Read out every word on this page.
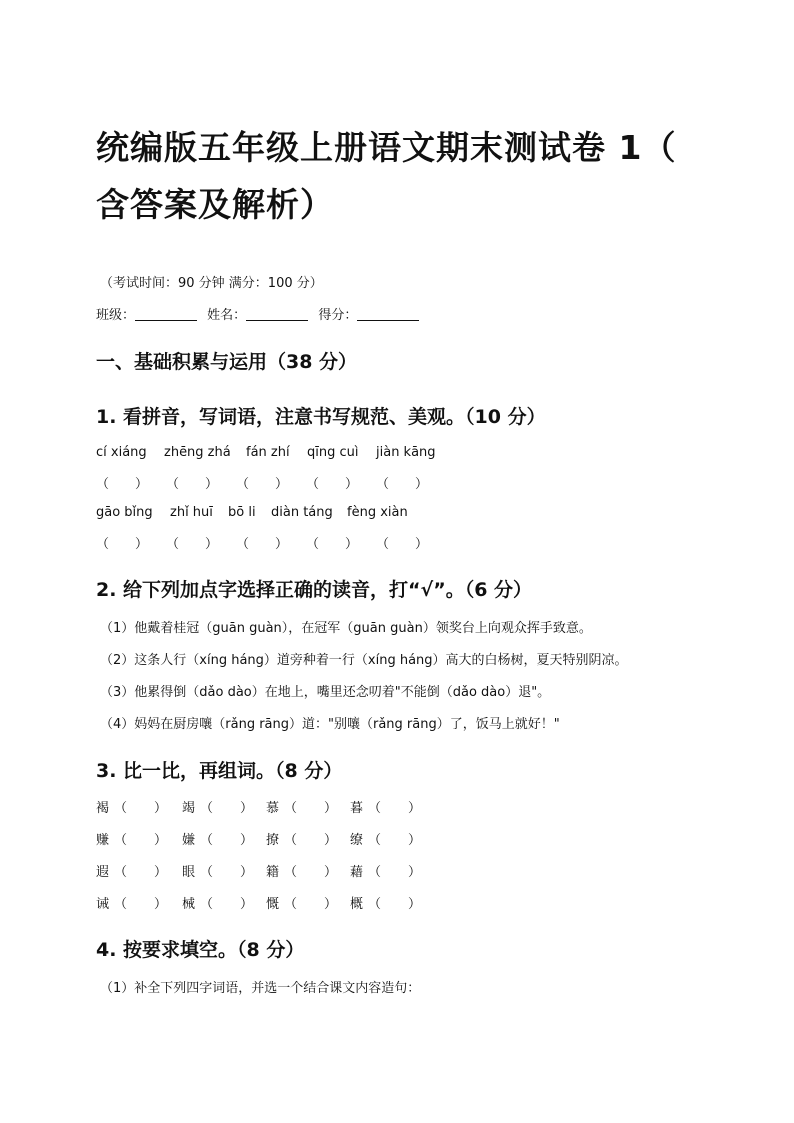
统编版五年级上册语文期末测试卷 1（
含答案及解析）
（考试时间：90 分钟 满分：100 分）
班级：	姓名：	得分：
一、基础积累与运用（38 分）
1. 看拼音，写词语，注意书写规范、美观。（10 分）
cí xiáng zhēng zhá fán zhí qīng cuì jiàn kāng
（　　） （　　） （　　） （　　） （　　）
gāo bǐng zhǐ huī bō li diàn táng fèng xiàn
（　　） （　　） （　　） （　　） （　　）
2. 给下列加点字选择正确的读音，打“√”。（6 分）
（1）他戴着桂冠（guān guàn），在冠军（guān guàn）领奖台上向观众挥手致意。
（2）这条人行（xíng háng）道旁种着一行（xíng háng）高大的白杨树，夏天特别阴凉。
（3）他累得倒（dǎo dào）在地上，嘴里还念叨着"不能倒（dǎo dào）退"。
（4）妈妈在厨房嚷（rǎng rāng）道："别嚷（rǎng rāng）了，饭马上就好！"
3. 比一比，再组词。（8 分）
褐 （ ） 竭 （ ） 慕 （ ） 暮 （ ）
赚 （ ） 嫌 （ ） 撩 （ ） 缭 （ ）
遐 （ ） 眼 （ ） 籍 （ ） 藉 （ ）
诫 （ ） 械 （ ） 慨 （ ） 概 （ ）
4. 按要求填空。（8 分）
（1）补全下列四字词语，并选一个结合课文内容造句：
